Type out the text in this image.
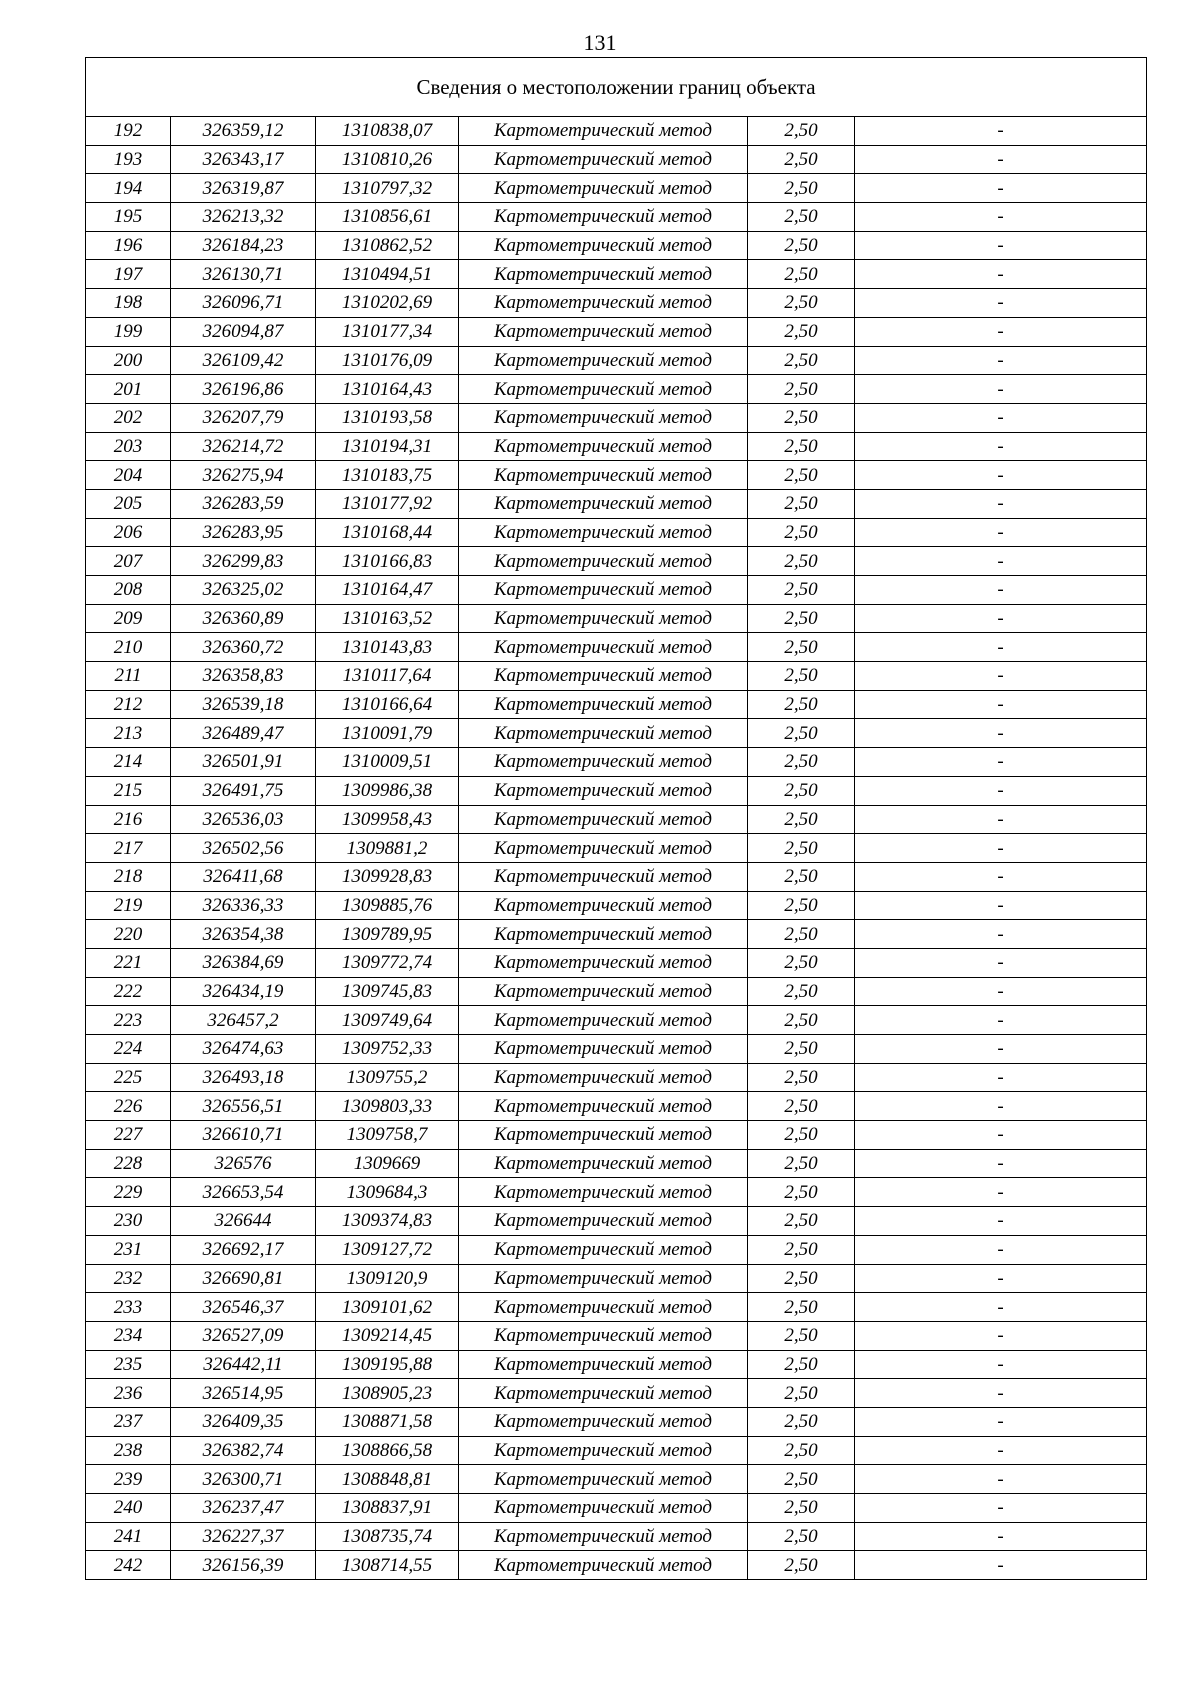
131
Сведения о местоположении границ объекта					
192	326359,12	1310838,07	Картометрический метод	2,50	-
193	326343,17	1310810,26	Картометрический метод	2,50	-
194	326319,87	1310797,32	Картометрический метод	2,50	-
195	326213,32	1310856,61	Картометрический метод	2,50	-
196	326184,23	1310862,52	Картометрический метод	2,50	-
197	326130,71	1310494,51	Картометрический метод	2,50	-
198	326096,71	1310202,69	Картометрический метод	2,50	-
199	326094,87	1310177,34	Картометрический метод	2,50	-
200	326109,42	1310176,09	Картометрический метод	2,50	-
201	326196,86	1310164,43	Картометрический метод	2,50	-
202	326207,79	1310193,58	Картометрический метод	2,50	-
203	326214,72	1310194,31	Картометрический метод	2,50	-
204	326275,94	1310183,75	Картометрический метод	2,50	-
205	326283,59	1310177,92	Картометрический метод	2,50	-
206	326283,95	1310168,44	Картометрический метод	2,50	-
207	326299,83	1310166,83	Картометрический метод	2,50	-
208	326325,02	1310164,47	Картометрический метод	2,50	-
209	326360,89	1310163,52	Картометрический метод	2,50	-
210	326360,72	1310143,83	Картометрический метод	2,50	-
211	326358,83	1310117,64	Картометрический метод	2,50	-
212	326539,18	1310166,64	Картометрический метод	2,50	-
213	326489,47	1310091,79	Картометрический метод	2,50	-
214	326501,91	1310009,51	Картометрический метод	2,50	-
215	326491,75	1309986,38	Картометрический метод	2,50	-
216	326536,03	1309958,43	Картометрический метод	2,50	-
217	326502,56	1309881,2	Картометрический метод	2,50	-
218	326411,68	1309928,83	Картометрический метод	2,50	-
219	326336,33	1309885,76	Картометрический метод	2,50	-
220	326354,38	1309789,95	Картометрический метод	2,50	-
221	326384,69	1309772,74	Картометрический метод	2,50	-
222	326434,19	1309745,83	Картометрический метод	2,50	-
223	326457,2	1309749,64	Картометрический метод	2,50	-
224	326474,63	1309752,33	Картометрический метод	2,50	-
225	326493,18	1309755,2	Картометрический метод	2,50	-
226	326556,51	1309803,33	Картометрический метод	2,50	-
227	326610,71	1309758,7	Картометрический метод	2,50	-
228	326576	1309669	Картометрический метод	2,50	-
229	326653,54	1309684,3	Картометрический метод	2,50	-
230	326644	1309374,83	Картометрический метод	2,50	-
231	326692,17	1309127,72	Картометрический метод	2,50	-
232	326690,81	1309120,9	Картометрический метод	2,50	-
233	326546,37	1309101,62	Картометрический метод	2,50	-
234	326527,09	1309214,45	Картометрический метод	2,50	-
235	326442,11	1309195,88	Картометрический метод	2,50	-
236	326514,95	1308905,23	Картометрический метод	2,50	-
237	326409,35	1308871,58	Картометрический метод	2,50	-
238	326382,74	1308866,58	Картометрический метод	2,50	-
239	326300,71	1308848,81	Картометрический метод	2,50	-
240	326237,47	1308837,91	Картометрический метод	2,50	-
241	326227,37	1308735,74	Картометрический метод	2,50	-
242	326156,39	1308714,55	Картометрический метод	2,50	-
